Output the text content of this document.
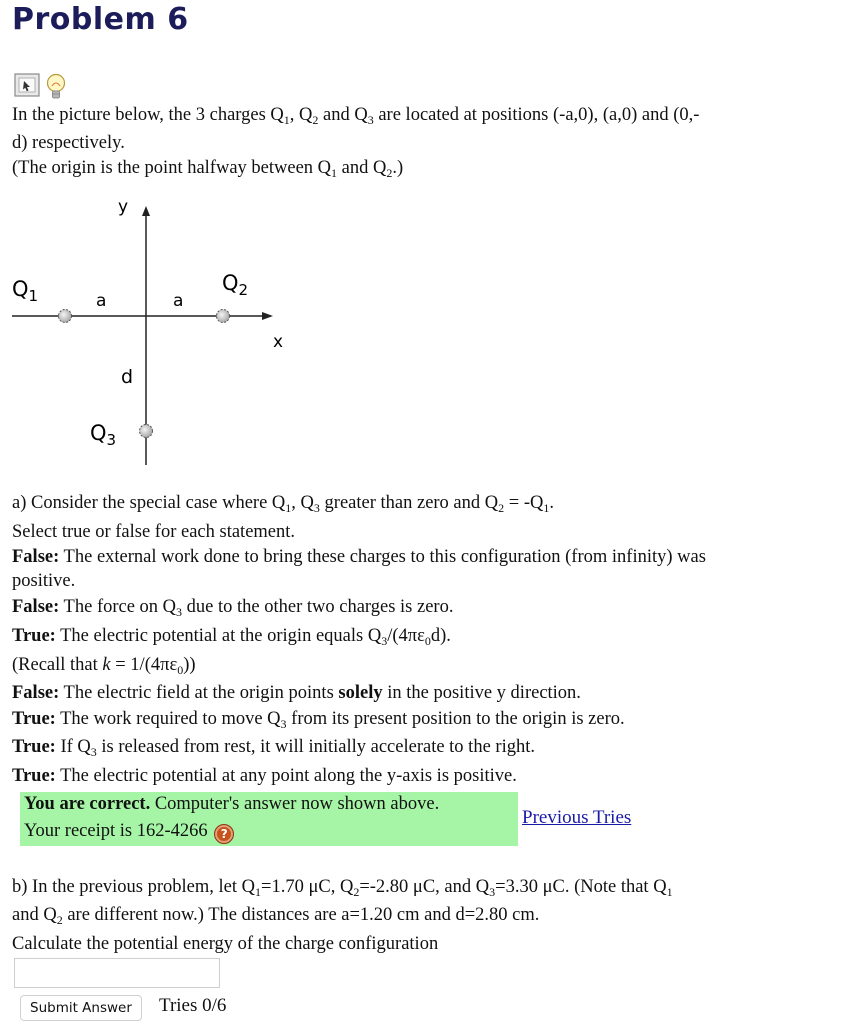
Problem 6
In the picture below, the 3 charges $Q_1$, $Q_2$ and $Q_3$ are located at positions (-a,0), (a,0) and (0,-
d) respectively.
(The origin is the point halfway between $Q_1$ and $Q_2$.)
y
x
$Q_1$
$Q_2$
$Q_3$
a	a
d
a) Consider the special case where $Q_1$, $Q_3$ greater than zero and $Q_2 = -Q_1$.
Select true or false for each statement.
False: The external work done to bring these charges to this configuration (from infinity) was
positive.
False: The force on $Q_3$ due to the other two charges is zero.
True: The electric potential at the origin equals $Q_3/(4\pi\varepsilon_0d)$.
(Recall that $k = 1/(4\pi\varepsilon_0)$)
False: The electric field at the origin points solely in the positive y direction.
True: The work required to move $Q_3$ from its present position to the origin is zero.
True: If $Q_3$ is released from rest, it will initially accelerate to the right.
True: The electric potential at any point along the y-axis is positive.
You are correct. Computer's answer now shown above.
Your receipt is 162-4266 ?
Previous Tries
b) In the previous problem, let $Q_1=1.70$ μC, $Q_2=-2.80$ μC, and $Q_3=3.30$ μC. (Note that $Q_1$
and $Q_2$ are different now.) The distances are a=1.20 cm and d=2.80 cm.
Calculate the potential energy of the charge configuration
Submit Answer	Tries 0/6
